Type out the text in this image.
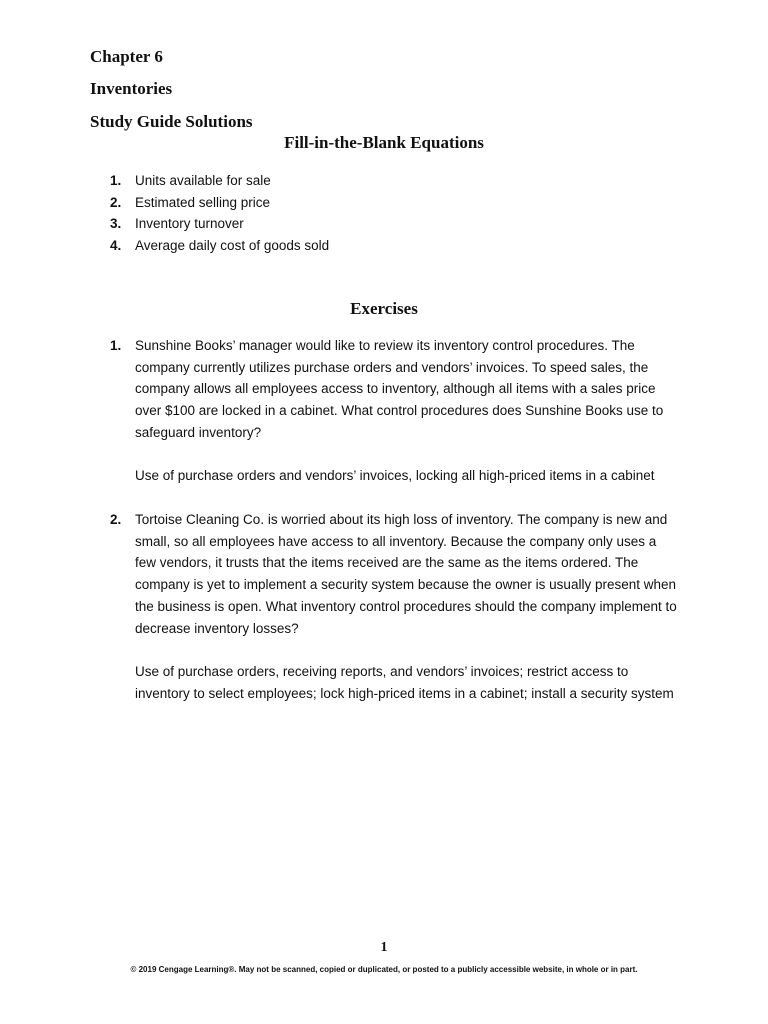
Chapter 6
Inventories
Study Guide Solutions
Fill-in-the-Blank Equations
1.	Units available for sale
2.	Estimated selling price
3.	Inventory turnover
4.	Average daily cost of goods sold
Exercises
1. Sunshine Books’ manager would like to review its inventory control procedures. The company currently utilizes purchase orders and vendors’ invoices. To speed sales, the company allows all employees access to inventory, although all items with a sales price over $100 are locked in a cabinet. What control procedures does Sunshine Books use to safeguard inventory?

Use of purchase orders and vendors’ invoices, locking all high-priced items in a cabinet

2. Tortoise Cleaning Co. is worried about its high loss of inventory. The company is new and small, so all employees have access to all inventory. Because the company only uses a few vendors, it trusts that the items received are the same as the items ordered. The company is yet to implement a security system because the owner is usually present when the business is open. What inventory control procedures should the company implement to decrease inventory losses?

Use of purchase orders, receiving reports, and vendors’ invoices; restrict access to inventory to select employees; lock high-priced items in a cabinet; install a security system

1
© 2019 Cengage Learning®. May not be scanned, copied or duplicated, or posted to a publicly accessible website, in whole or in part.
